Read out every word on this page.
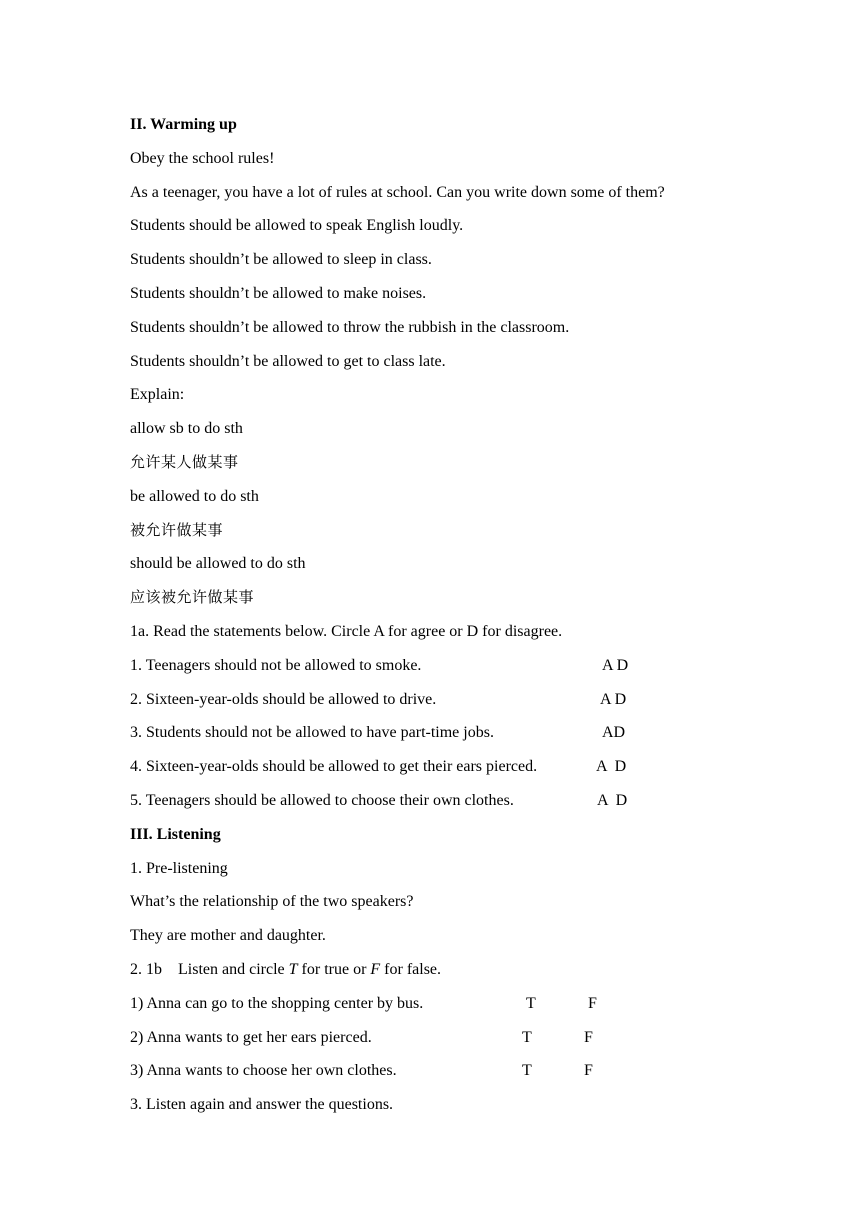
II. Warming up
Obey the school rules!
As a teenager, you have a lot of rules at school. Can you write down some of them?
Students should be allowed to speak English loudly.
Students shouldn’t be allowed to sleep in class.
Students shouldn’t be allowed to make noises.
Students shouldn’t be allowed to throw the rubbish in the classroom.
Students shouldn’t be allowed to get to class late.
Explain:
allow sb to do sth
允许某人做某事
be allowed to do sth
被允许做某事
should be allowed to do sth
应该被允许做某事
1a. Read the statements below. Circle A for agree or D for disagree.
1. Teenagers should not be allowed to smoke.	A D
2. Sixteen-year-olds should be allowed to drive.	A D
3. Students should not be allowed to have part-time jobs.	AD
4. Sixteen-year-olds should be allowed to get their ears pierced.	A  D
5. Teenagers should be allowed to choose their own clothes.	A  D
III. Listening
1. Pre-listening
What’s the relationship of the two speakers?
They are mother and daughter.
2. 1b    Listen and circle T for true or F for false.
1) Anna can go to the shopping center by bus.	T	F
2) Anna wants to get her ears pierced.	T	F
3) Anna wants to choose her own clothes.	T	F
3. Listen again and answer the questions.
